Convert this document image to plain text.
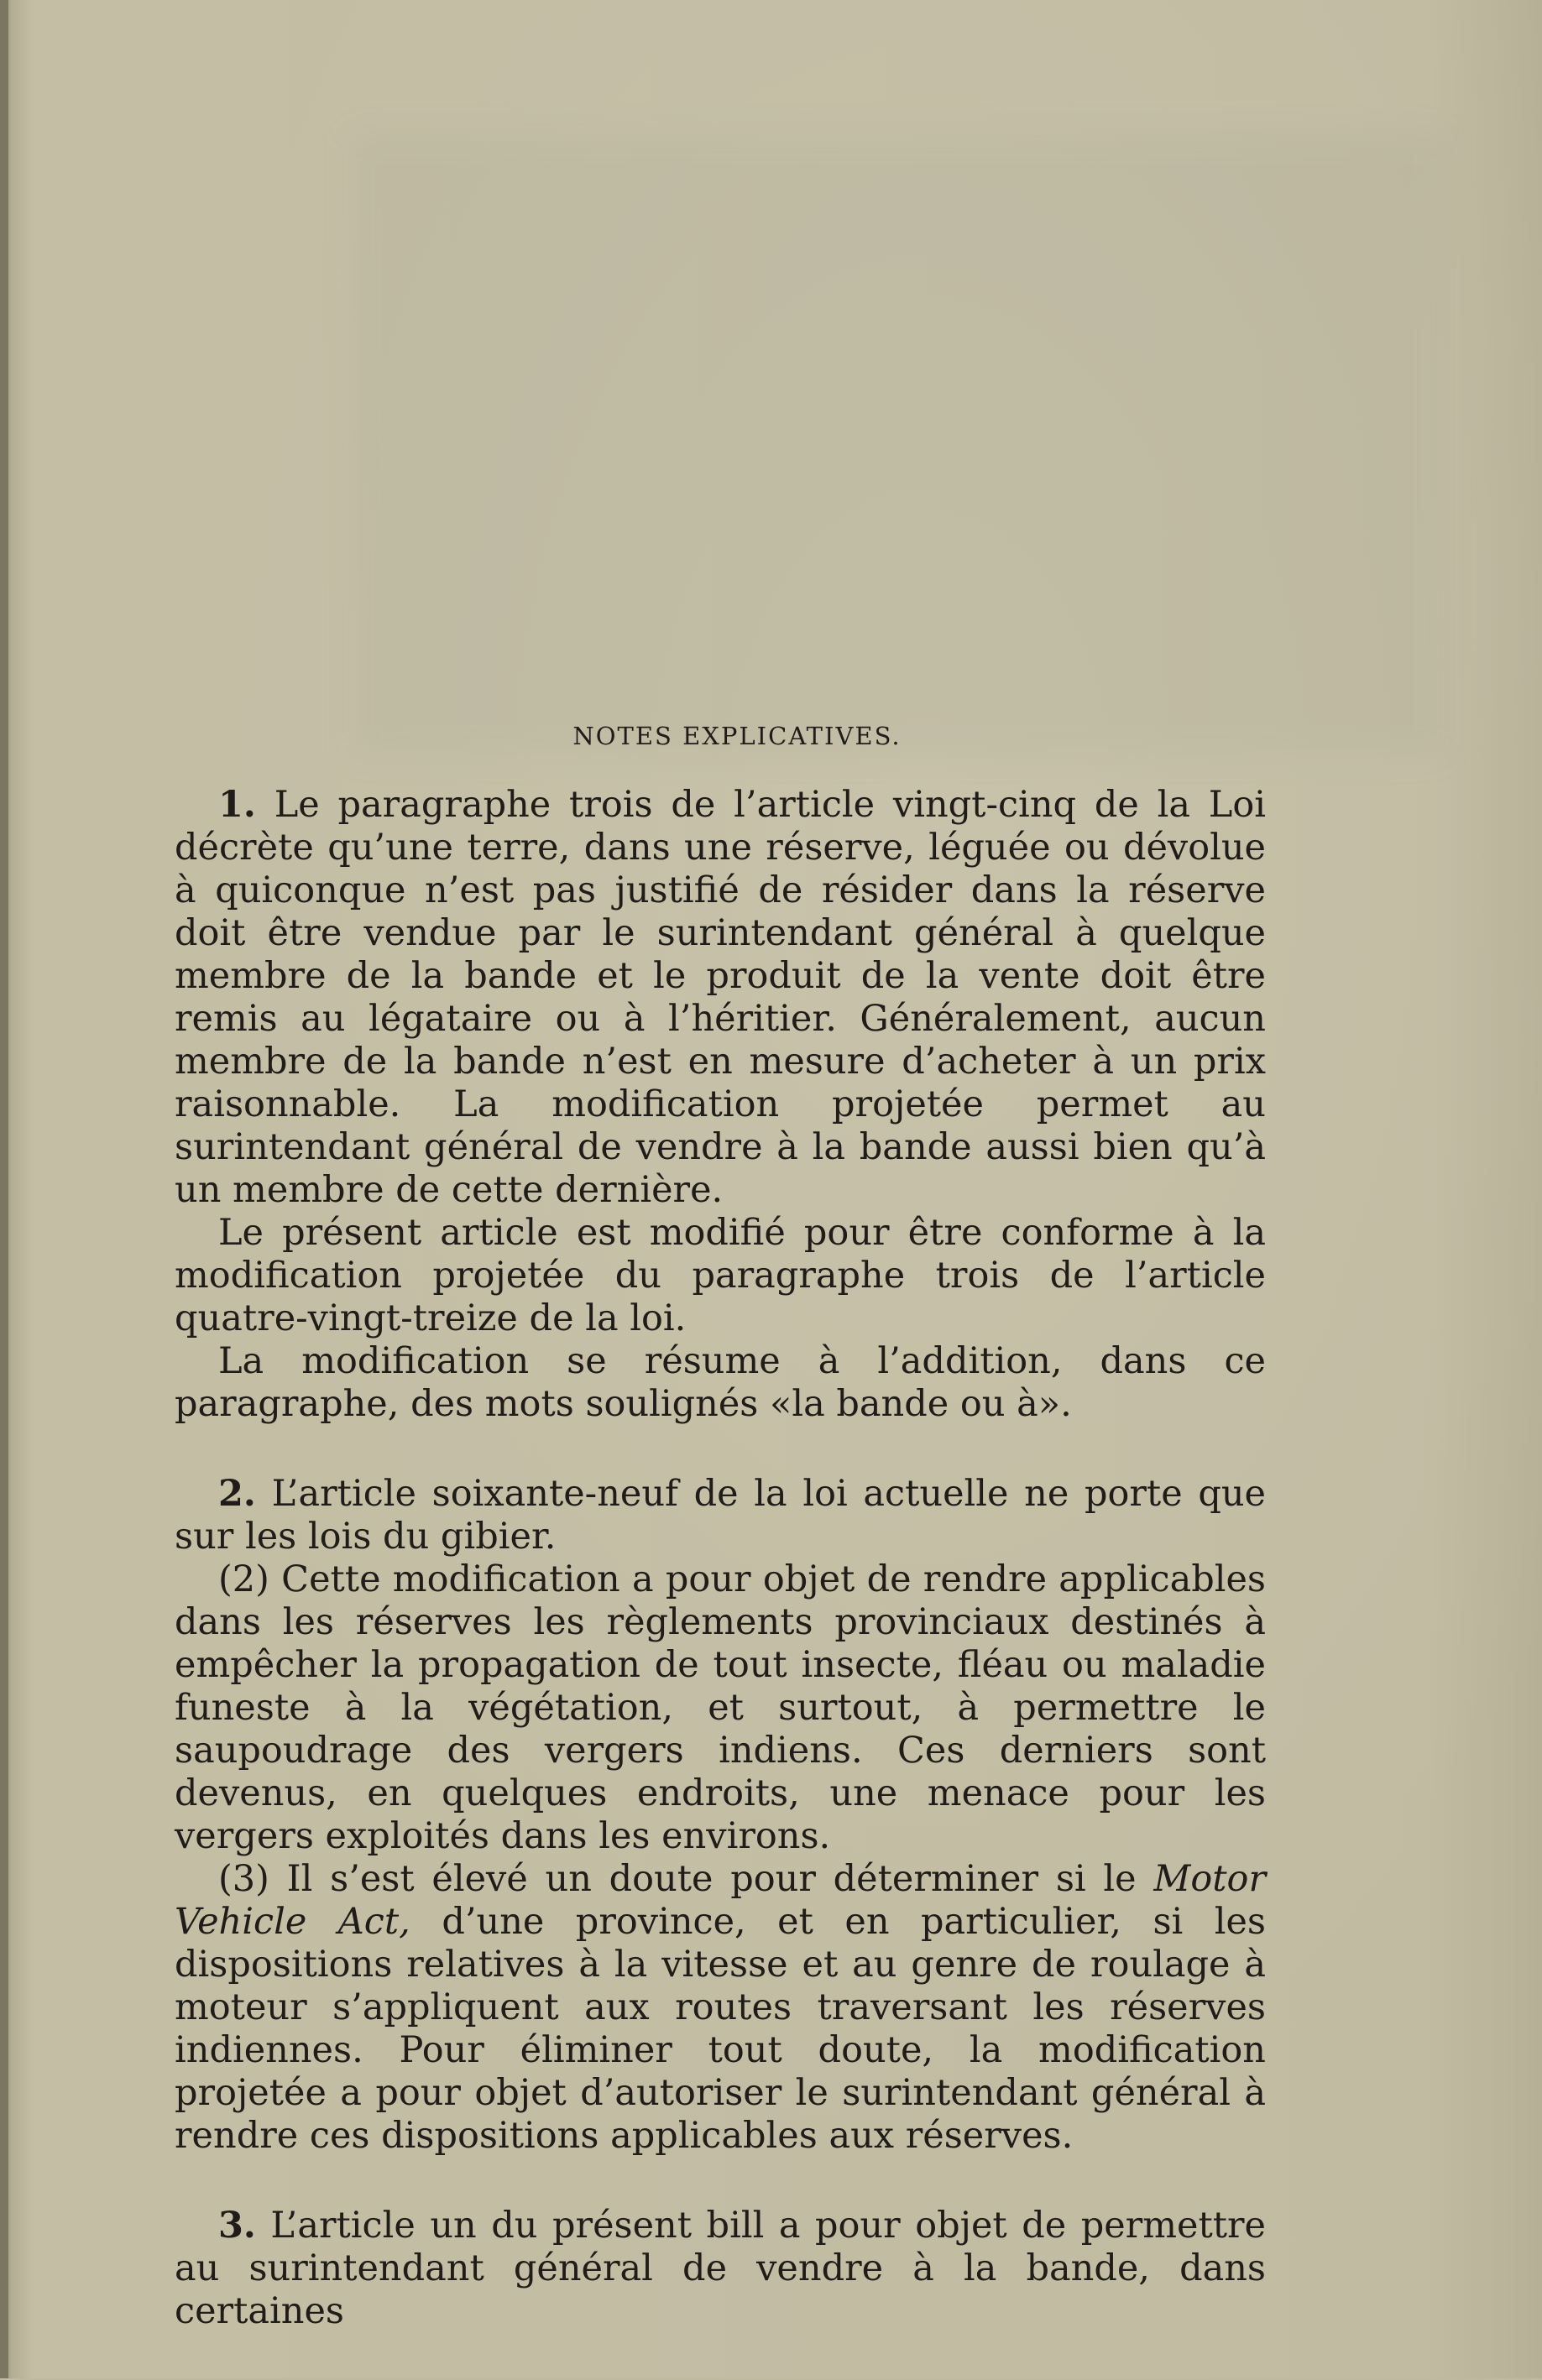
NOTES EXPLICATIVES.

1. Le paragraphe trois de l’article vingt-cinq de la Loi décrète qu’une terre, dans une réserve, léguée ou dévolue à quiconque n’est pas justifié de résider dans la réserve doit être vendue par le surintendant général à quelque membre de la bande et le produit de la vente doit être remis au légataire ou à l’héritier. Généralement, aucun membre de la bande n’est en mesure d’acheter à un prix raisonnable. La modification projetée permet au surintendant général de vendre à la bande aussi bien qu’à un membre de cette dernière.

Le présent article est modifié pour être conforme à la modification projetée du paragraphe trois de l’article quatre-vingt-treize de la loi.

La modification se résume à l’addition, dans ce paragraphe, des mots soulignés «la bande ou à».

2. L’article soixante-neuf de la loi actuelle ne porte que sur les lois du gibier.

(2) Cette modification a pour objet de rendre applicables dans les réserves les règlements provinciaux destinés à empêcher la propagation de tout insecte, fléau ou maladie funeste à la végétation, et surtout, à permettre le saupoudrage des vergers indiens. Ces derniers sont devenus, en quelques endroits, une menace pour les vergers exploités dans les environs.

(3) Il s’est élevé un doute pour déterminer si le Motor Vehicle Act, d’une province, et en particulier, si les dispositions relatives à la vitesse et au genre de roulage à moteur s’appliquent aux routes traversant les réserves indiennes. Pour éliminer tout doute, la modification projetée a pour objet d’autoriser le surintendant général à rendre ces dispositions applicables aux réserves.

3. L’article un du présent bill a pour objet de permettre au surintendant général de vendre à la bande, dans certaines
